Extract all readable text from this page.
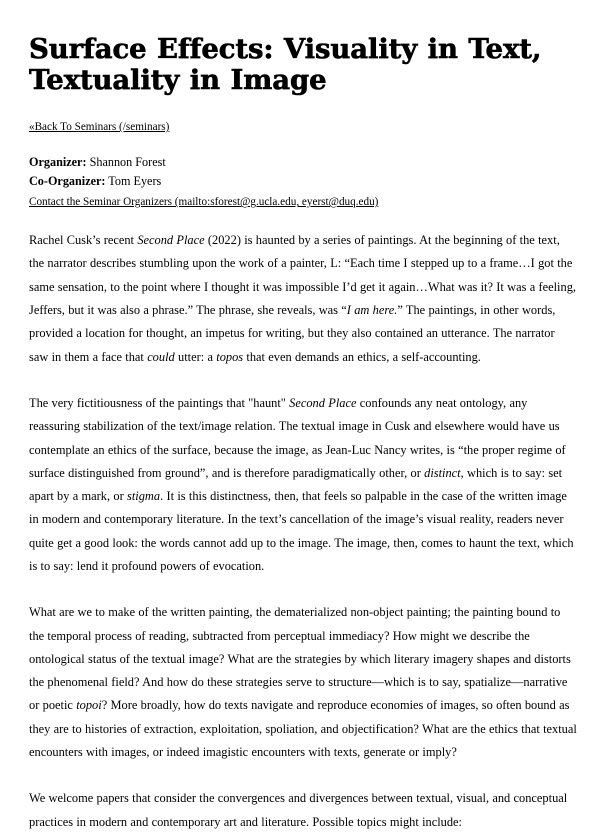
Surface Effects: Visuality in Text, Textuality in Image
«Back To Seminars (/seminars)

Organizer: Shannon Forest

Co-Organizer: Tom Eyers

Contact the Seminar Organizers (mailto:sforest@g.ucla.edu, eyerst@duq.edu)

Rachel Cusk’s recent Second Place (2022) is haunted by a series of paintings. At the beginning of the text, the narrator describes stumbling upon the work of a painter, L: “Each time I stepped up to a frame…I got the same sensation, to the point where I thought it was impossible I’d get it again…What was it? It was a feeling, Jeffers, but it was also a phrase.” The phrase, she reveals, was “I am here.” The paintings, in other words, provided a location for thought, an impetus for writing, but they also contained an utterance. The narrator saw in them a face that could utter: a topos that even demands an ethics, a self-accounting.

The very fictitiousness of the paintings that "haunt" Second Place confounds any neat ontology, any reassuring stabilization of the text/image relation. The textual image in Cusk and elsewhere would have us contemplate an ethics of the surface, because the image, as Jean-Luc Nancy writes, is “the proper regime of surface distinguished from ground”, and is therefore paradigmatically other, or distinct, which is to say: set apart by a mark, or stigma. It is this distinctness, then, that feels so palpable in the case of the written image in modern and contemporary literature. In the text’s cancellation of the image’s visual reality, readers never quite get a good look: the words cannot add up to the image. The image, then, comes to haunt the text, which is to say: lend it profound powers of evocation.

What are we to make of the written painting, the dematerialized non-object painting; the painting bound to the temporal process of reading, subtracted from perceptual immediacy? How might we describe the ontological status of the textual image? What are the strategies by which literary imagery shapes and distorts the phenomenal field? And how do these strategies serve to structure—which is to say, spatialize—narrative or poetic topoi? More broadly, how do texts navigate and reproduce economies of images, so often bound as they are to histories of extraction, exploitation, spoliation, and objectification? What are the ethics that textual encounters with images, or indeed imagistic encounters with texts, generate or imply?

We welcome papers that consider the convergences and divergences between textual, visual, and conceptual practices in modern and contemporary art and literature. Possible topics might include:
